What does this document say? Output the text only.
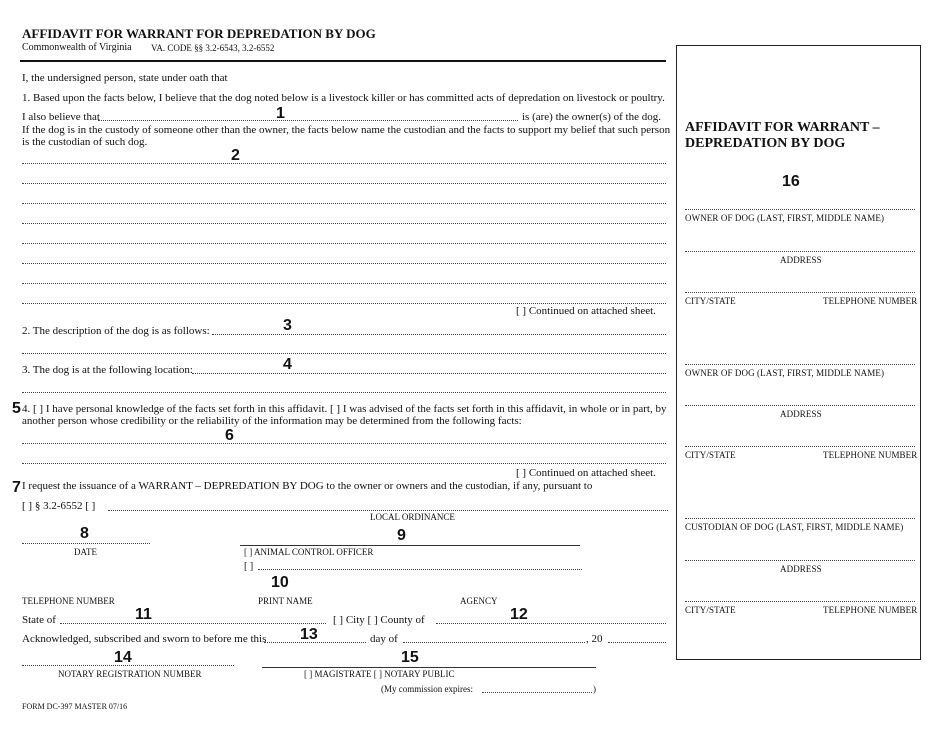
AFFIDAVIT FOR WARRANT FOR DEPREDATION BY DOG
Commonwealth of Virginia VA. CODE §§ 3.2-6543, 3.2-6552
I, the undersigned person, state under oath that
1. Based upon the facts below, I believe that the dog noted below is a livestock killer or has committed acts of depredation on livestock or poultry.
I also believe that	is (are) the owner(s) of the dog.
If the dog is in the custody of someone other than the owner, the facts below name the custodian and the facts to support my belief that such person
is the custodian of such dog.
[ ] Continued on attached sheet.
2. The description of the dog is as follows:
3. The dog is at the following location:
4. [ ] I have personal knowledge of the facts set forth in this affidavit. [ ] I was advised of the facts set forth in this affidavit, in whole or in part, by
another person whose credibility or the reliability of the information may be determined from the following facts:
[ ] Continued on attached sheet.
I request the issuance of a WARRANT – DEPREDATION BY DOG to the owner or owners and the custodian, if any, pursuant to
[ ] § 3.2-6552 [ ]
LOCAL ORDINANCE
DATE	[ ] ANIMAL CONTROL OFFICER
[ ]
TELEPHONE NUMBER	PRINT NAME	AGENCY
State of	[ ] City [ ] County of
Acknowledged, subscribed and sworn to before me this	day of	, 20
NOTARY REGISTRATION NUMBER	[ ] MAGISTRATE [ ] NOTARY PUBLIC
(My commission expires:	)
FORM DC-397 MASTER 07/16
1
2
3
4
5
6
7
8	9
10
11	12
13
14	15
AFFIDAVIT FOR WARRANT –
DEPREDATION BY DOG
16
OWNER OF DOG (LAST, FIRST, MIDDLE NAME)
ADDRESS
CITY/STATE	TELEPHONE NUMBER
OWNER OF DOG (LAST, FIRST, MIDDLE NAME)
ADDRESS
CITY/STATE	TELEPHONE NUMBER
CUSTODIAN OF DOG (LAST, FIRST, MIDDLE NAME)
ADDRESS
CITY/STATE	TELEPHONE NUMBER
